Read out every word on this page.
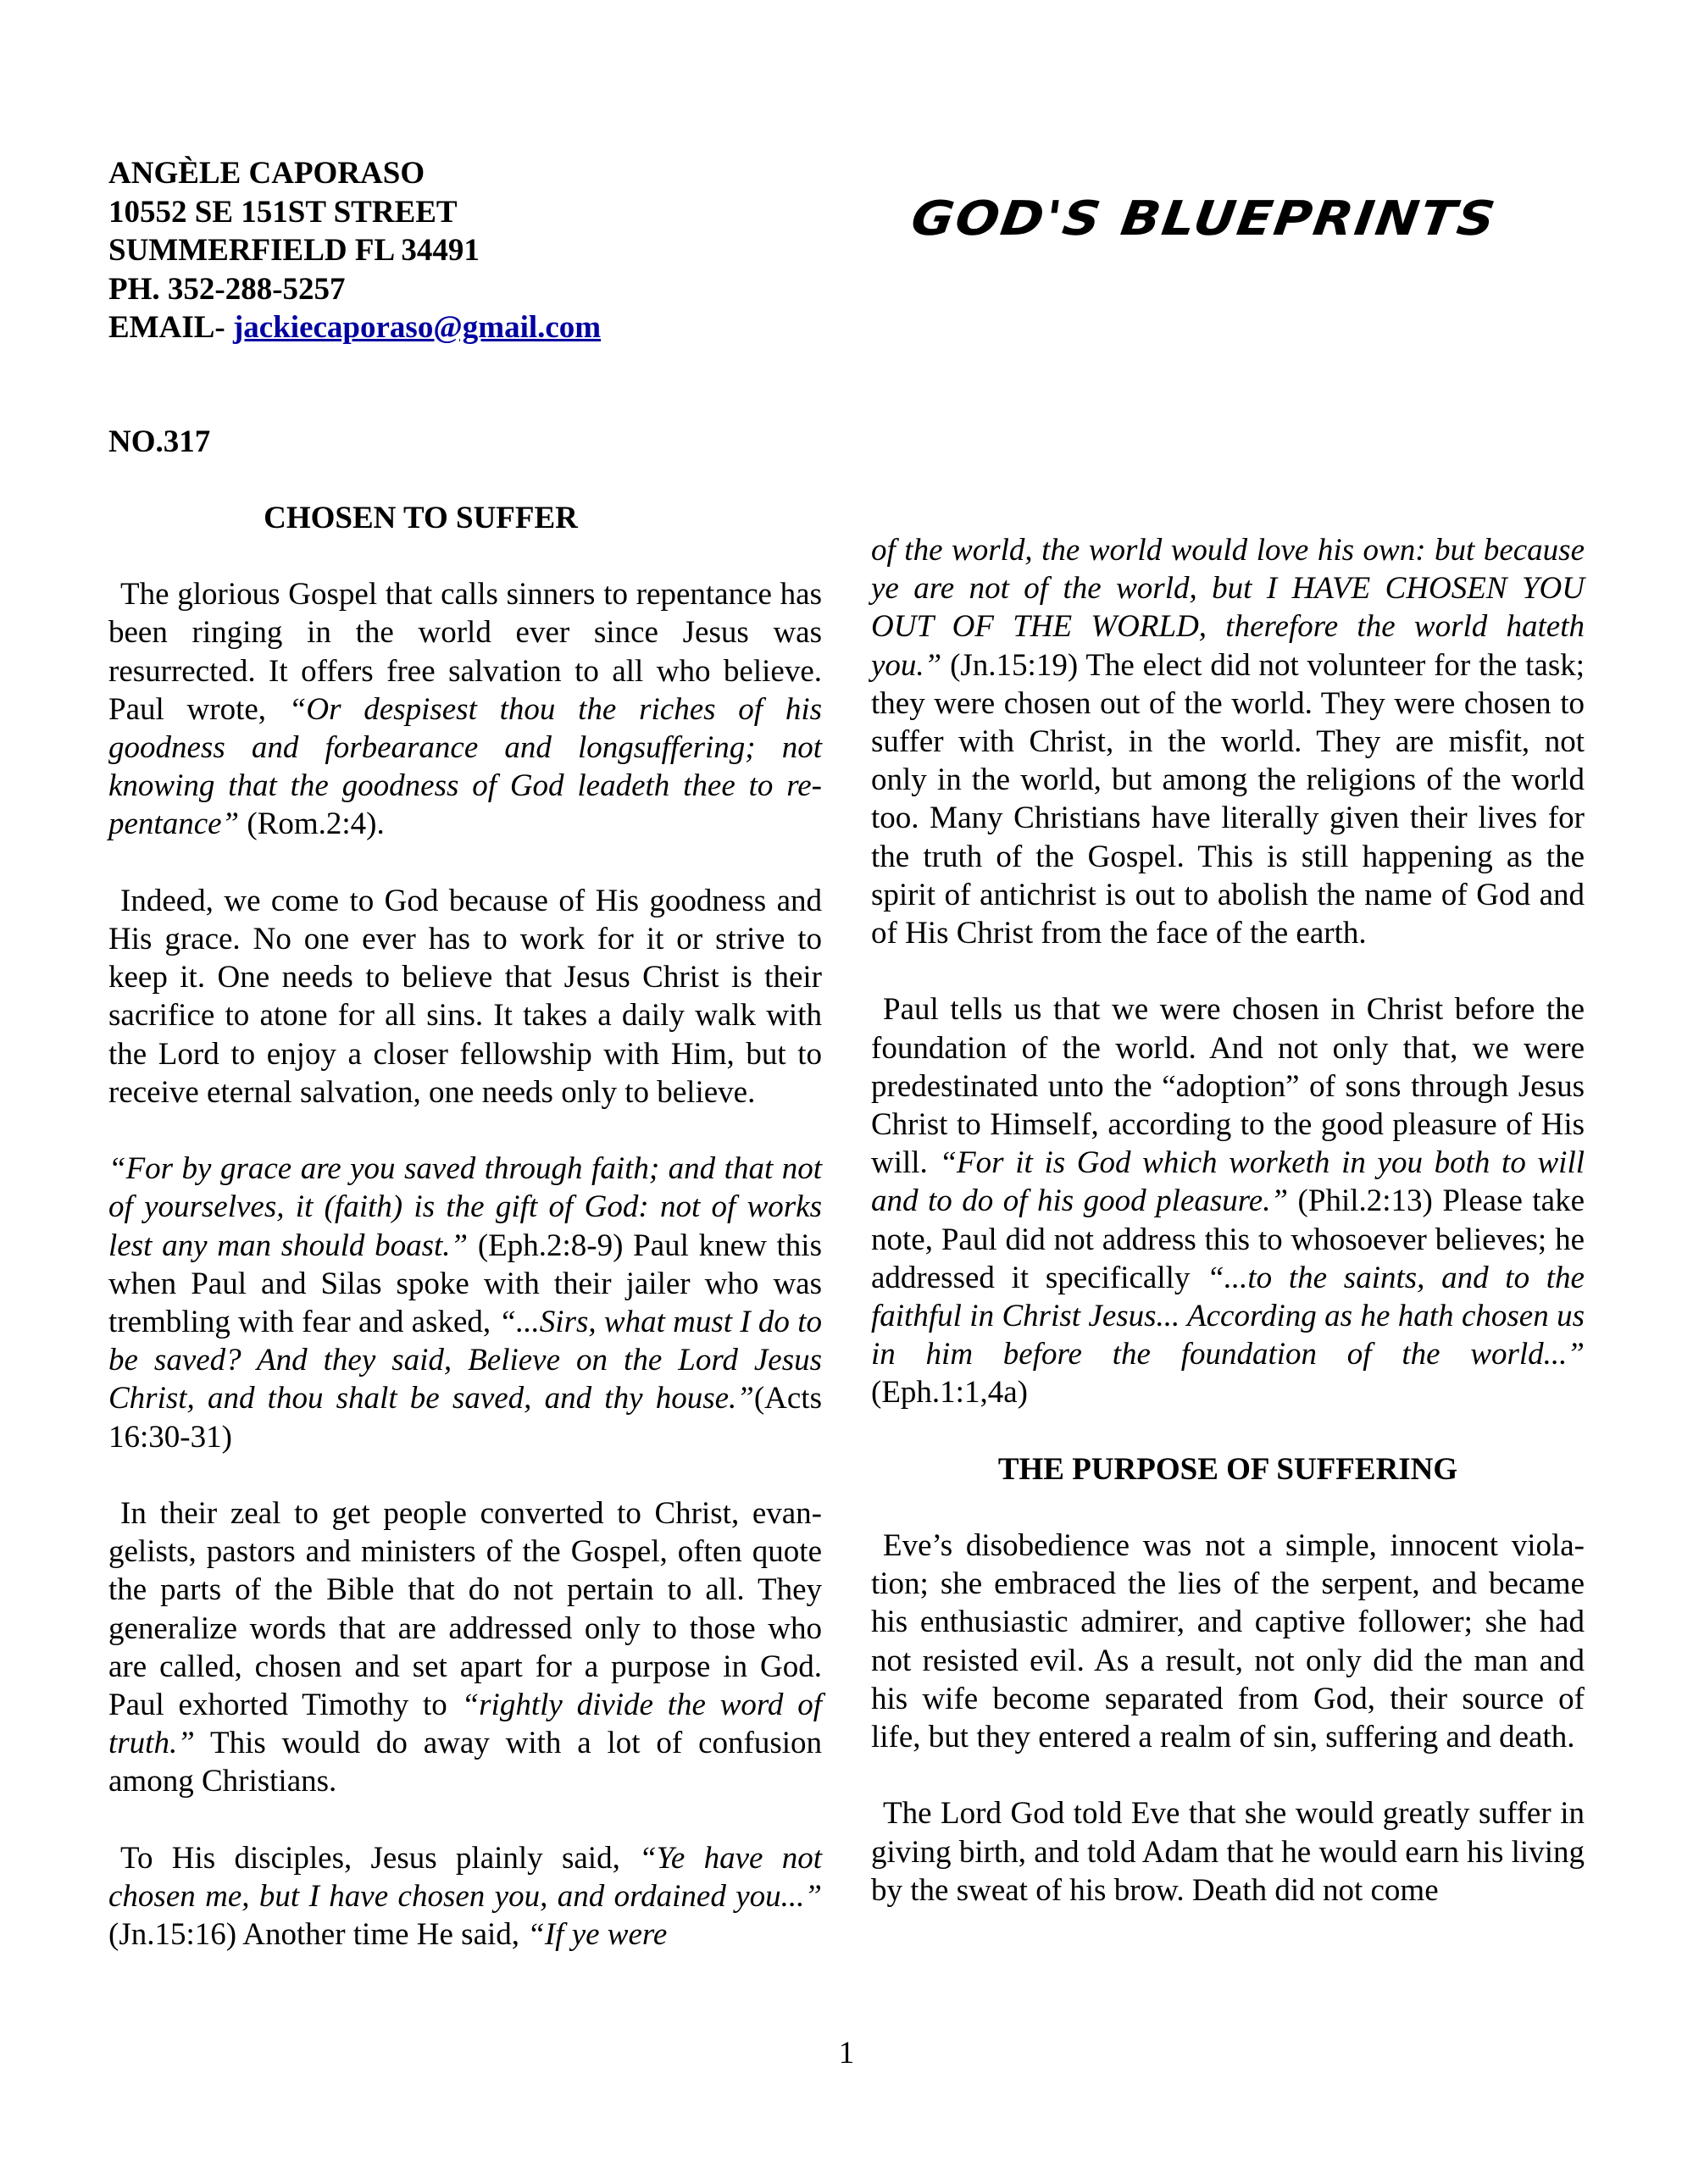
ANGÈLE CAPORASO
10552 SE 151ST STREET
SUMMERFIELD FL 34491
PH. 352-288-5257
EMAIL- jackiecaporaso@gmail.com
GOD'S BLUEPRINTS
NO.317
CHOSEN TO SUFFER

The glorious Gospel that calls sinners to repentance has been ringing in the world ever since Jesus was resurrected. It offers free salvation to all who believe. Paul wrote, “Or despisest thou the riches of his goodness and forbearance and longsuffering; not knowing that the goodness of God leadeth thee to repentance” (Rom.2:4).

Indeed, we come to God because of His goodness and His grace. No one ever has to work for it or strive to keep it. One needs to believe that Jesus Christ is their sacrifice to atone for all sins. It takes a daily walk with the Lord to enjoy a closer fellowship with Him, but to receive eternal salvation, one needs only to believe.

“For by grace are you saved through faith; and that not of yourselves, it (faith) is the gift of God: not of works lest any man should boast.” (Eph.2:8-9) Paul knew this when Paul and Silas spoke with their jailer who was trembling with fear and asked, “...Sirs, what must I do to be saved? And they said, Believe on the Lord Jesus Christ, and thou shalt be saved, and thy house.”(Acts 16:30-31)

In their zeal to get people converted to Christ, evangelists, pastors and ministers of the Gospel, often quote the parts of the Bible that do not pertain to all. They generalize words that are addressed only to those who are called, chosen and set apart for a purpose in God. Paul exhorted Timothy to “rightly divide the word of truth.” This would do away with a lot of confusion among Christians.

To His disciples, Jesus plainly said, “Ye have not chosen me, but I have chosen you, and ordained you...” (Jn.15:16) Another time He said, “If ye were

of the world, the world would love his own: but because ye are not of the world, but I HAVE CHOSEN YOU OUT OF THE WORLD, therefore the world hateth you.” (Jn.15:19) The elect did not volunteer for the task; they were chosen out of the world. They were chosen to suffer with Christ, in the world. They are misfit, not only in the world, but among the religions of the world too. Many Christians have literally given their lives for the truth of the Gospel. This is still happening as the spirit of antichrist is out to abolish the name of God and of His Christ from the face of the earth.

Paul tells us that we were chosen in Christ before the foundation of the world. And not only that, we were predestinated unto the “adoption” of sons through Jesus Christ to Himself, according to the good pleasure of His will. “For it is God which worketh in you both to will and to do of his good pleasure.” (Phil.2:13) Please take note, Paul did not address this to whosoever believes; he addressed it specifically “...to the saints, and to the faithful in Christ Jesus... According as he hath chosen us in him before the foundation of the world...” (Eph.1:1,4a)

THE PURPOSE OF SUFFERING

Eve’s disobedience was not a simple, innocent violation; she embraced the lies of the serpent, and became his enthusiastic admirer, and captive follower; she had not resisted evil. As a result, not only did the man and his wife become separated from God, their source of life, but they entered a realm of sin, suffering and death.

The Lord God told Eve that she would greatly suffer in giving birth, and told Adam that he would earn his living by the sweat of his brow. Death did not come

1
